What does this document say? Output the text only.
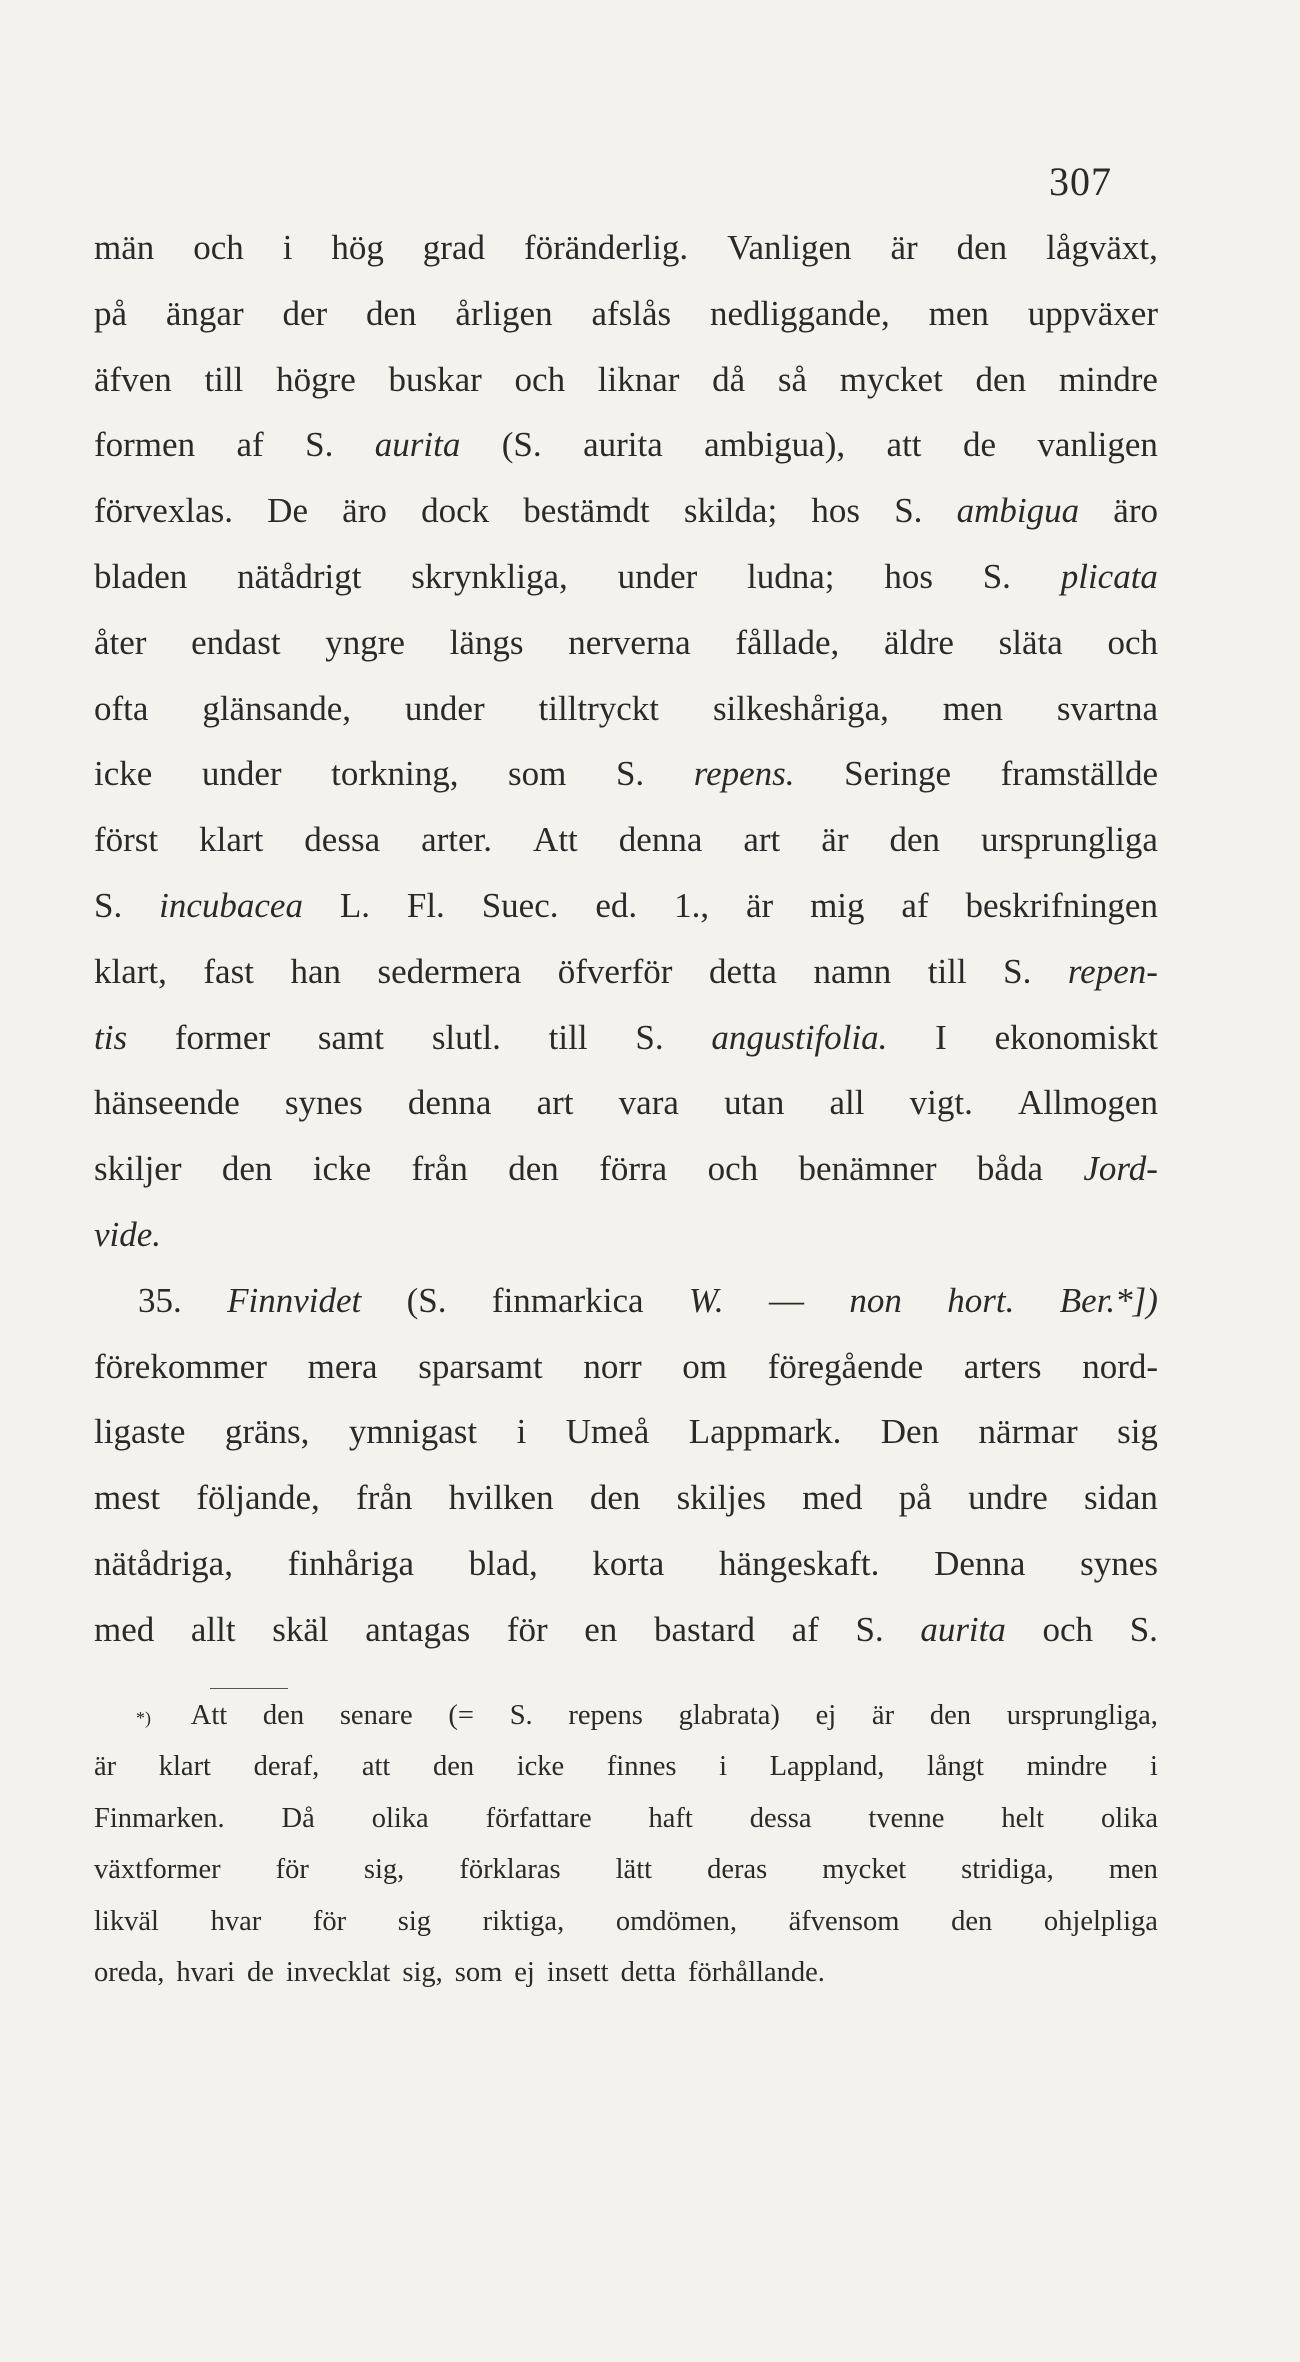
307
män och i hög grad föränderlig. Vanligen är den lågväxt,
på ängar der den årligen afslås nedliggande, men uppväxer
äfven till högre buskar och liknar då så mycket den mindre
formen af S. aurita (S. aurita ambigua), att de vanligen
förvexlas. De äro dock bestämdt skilda; hos S. ambigua äro
bladen nätådrigt skrynkliga, under ludna; hos S. plicata
åter endast yngre längs nerverna fållade, äldre släta och
ofta glänsande, under tilltryckt silkeshåriga, men svartna
icke under torkning, som S. repens. Seringe framställde
först klart dessa arter. Att denna art är den ursprungliga
S. incubacea L. Fl. Suec. ed. 1., är mig af beskrifningen
klart, fast han sedermera öfverför detta namn till S. repen-
tis former samt slutl. till S. angustifolia. I ekonomiskt
hänseende synes denna art vara utan all vigt. Allmogen
skiljer den icke från den förra och benämner båda Jord-
vide.
35. Finnvidet (S. finmarkica W. — non hort. Ber.*])
förekommer mera sparsamt norr om föregående arters nord-
ligaste gräns, ymnigast i Umeå Lappmark. Den närmar sig
mest följande, från hvilken den skiljes med på undre sidan
nätådriga, finhåriga blad, korta hängeskaft. Denna synes
med allt skäl antagas för en bastard af S. aurita och S.
*) Att den senare (= S. repens glabrata) ej är den ursprungliga,
är klart deraf, att den icke finnes i Lappland, långt mindre i
Finmarken. Då olika författare haft dessa tvenne helt olika
växtformer för sig, förklaras lätt deras mycket stridiga, men
likväl hvar för sig riktiga, omdömen, äfvensom den ohjelpliga
oreda, hvari de invecklat sig, som ej insett detta förhållande.
